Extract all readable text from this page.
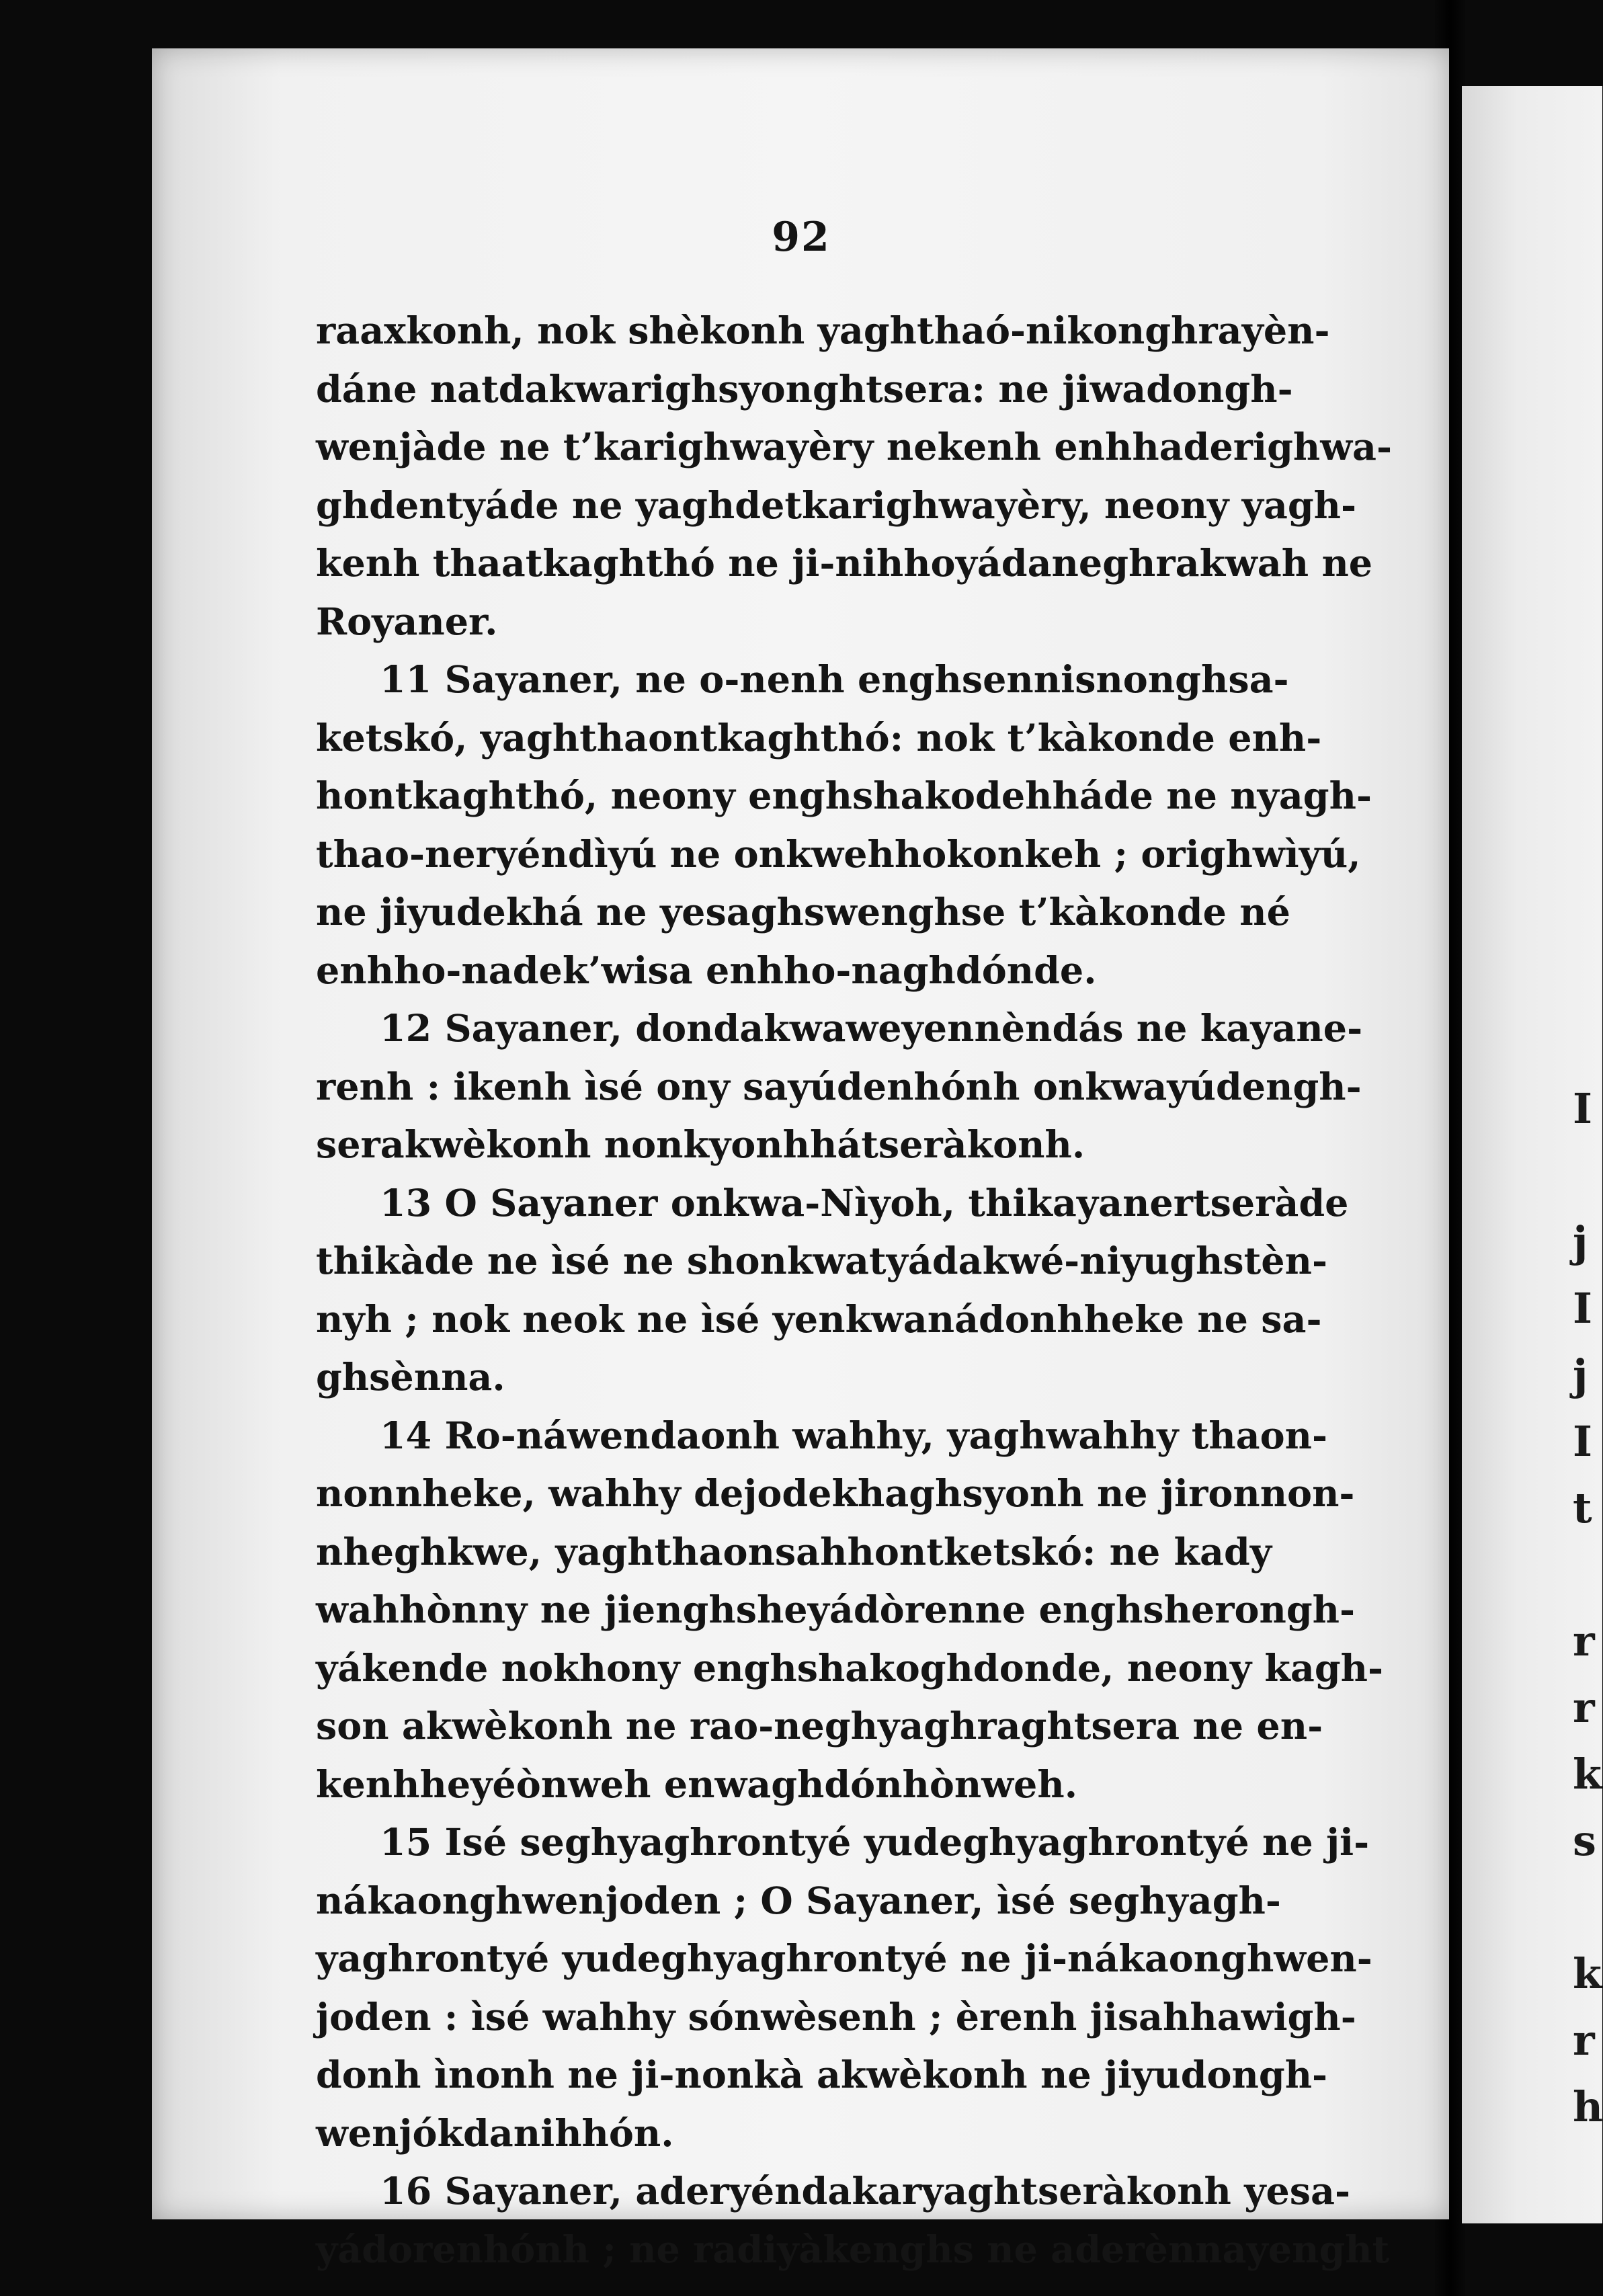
I

j
I
j
I
t

r
r
k
s

k
r
h
92
raaxkonh, nok shèkonh yaghthaó-nikonghrayèn-
dáne natdakwarighsyonghtsera: ne jiwadongh-
wenjàde ne t’karighwayèry nekenh enhhaderighwa-
ghdentyáde ne yaghdetkarighwayèry, neony yagh-
kenh thaatkaghthó ne ji-nihhoyádaneghrakwah ne
Royaner.
11 Sayaner, ne o-nenh enghsennisnonghsa-
ketskó, yaghthaontkaghthó: nok t’kàkonde enh-
hontkaghthó, neony enghshakodehháde ne nyagh-
thao-neryéndìyú ne onkwehhokonkeh ; orighwìyú,
ne jiyudekhá ne yesaghswenghse t’kàkonde né
enhho-nadek’wisa enhho-naghdónde.
12 Sayaner, dondakwaweyennèndás ne kayane-
renh : ikenh ìsé ony sayúdenhónh onkwayúdengh-
serakwèkonh nonkyonhhátseràkonh.
13 O Sayaner onkwa-Nìyoh, thikayanertseràde
thikàde ne ìsé ne shonkwatyádakwé-niyughstèn-
nyh ; nok neok ne ìsé yenkwanádonhheke ne sa-
ghsènna.
14 Ro-náwendaonh wahhy, yaghwahhy thaon-
nonnheke, wahhy dejodekhaghsyonh ne jironnon-
nheghkwe, yaghthaonsahhontketskó: ne kady
wahhònny ne jienghsheyádòrenne enghsherongh-
yákende nokhony enghshakoghdonde, neony kagh-
son akwèkonh ne rao-neghyaghraghtsera ne en-
kenhheyéònweh enwaghdónhònweh.
15 Isé seghyaghrontyé yudeghyaghrontyé ne ji-
nákaonghwenjoden ; O Sayaner, ìsé seghyagh-
yaghrontyé yudeghyaghrontyé ne ji-nákaonghwen-
joden : ìsé wahhy sónwèsenh ; èrenh jisahhawigh-
donh ìnonh ne ji-nonkà akwèkonh ne jiyudongh-
wenjókdanihhón.
16 Sayaner, aderyéndakaryaghtseràkonh yesa-
yádorenhónh ; ne radiyàkenghs ne aderènnayenght
